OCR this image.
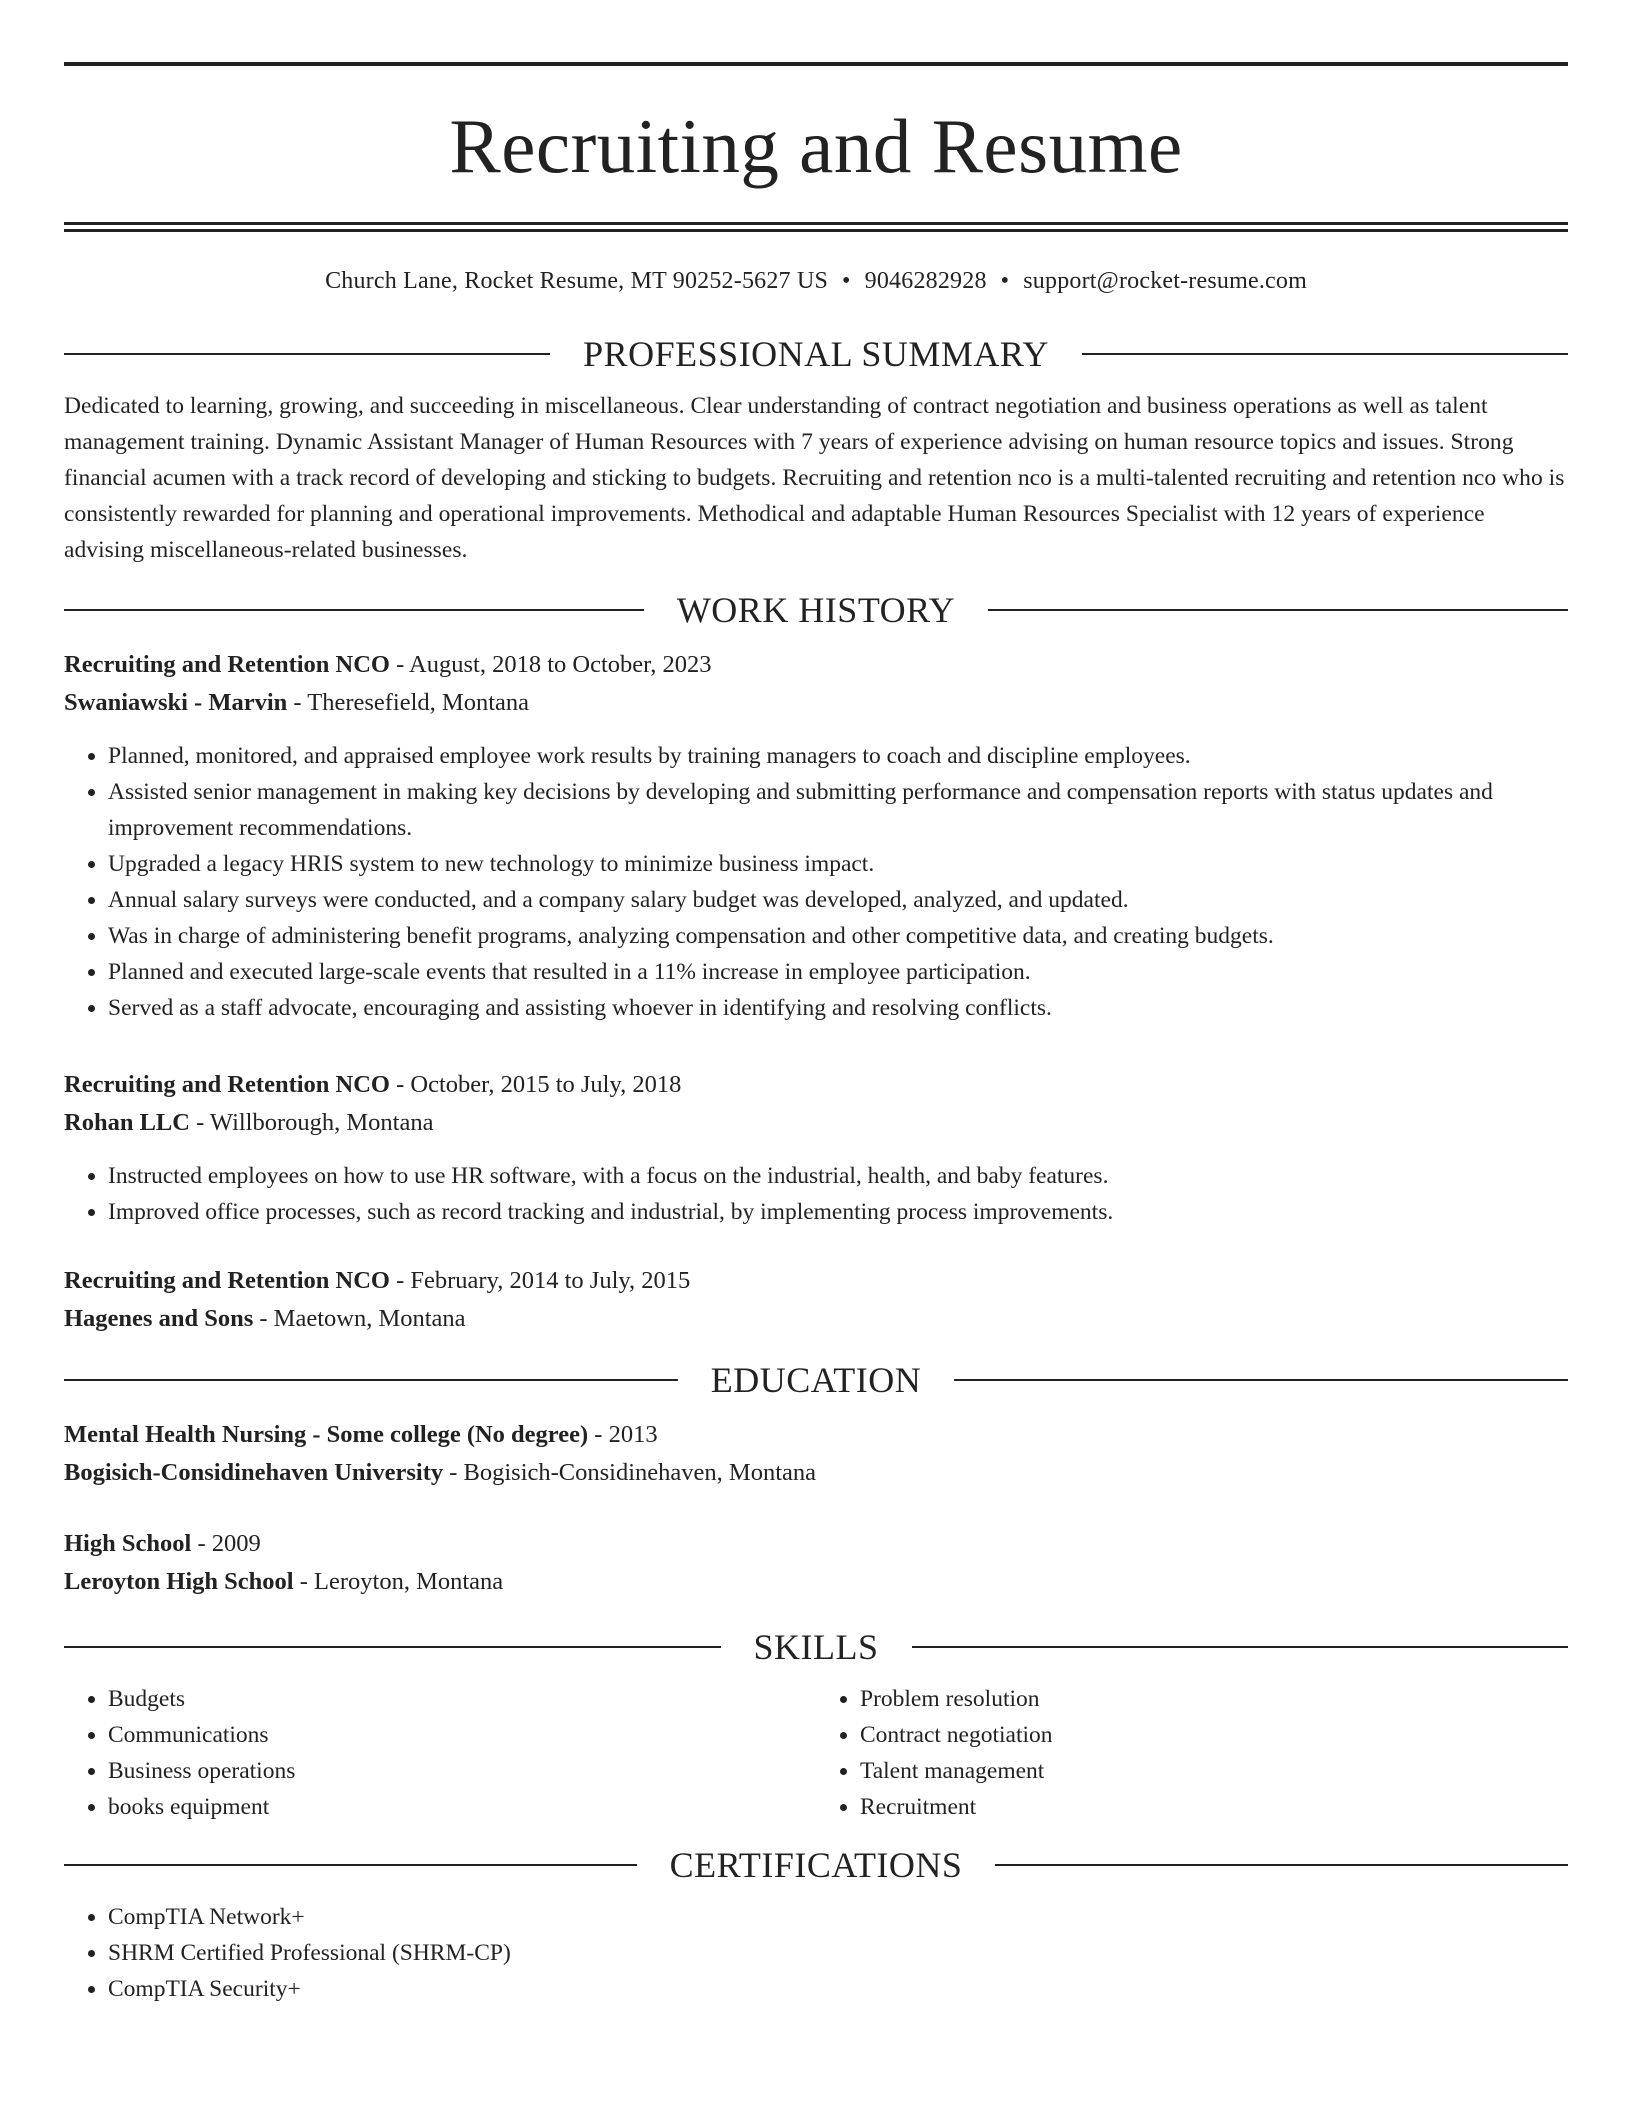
Recruiting and Resume
Church Lane, Rocket Resume, MT 90252-5627 US • 9046282928 • support@rocket-resume.com
PROFESSIONAL SUMMARY
Dedicated to learning, growing, and succeeding in miscellaneous. Clear understanding of contract negotiation and business operations as well as talent management training. Dynamic Assistant Manager of Human Resources with 7 years of experience advising on human resource topics and issues. Strong financial acumen with a track record of developing and sticking to budgets. Recruiting and retention nco is a multi-talented recruiting and retention nco who is consistently rewarded for planning and operational improvements. Methodical and adaptable Human Resources Specialist with 12 years of experience advising miscellaneous-related businesses.
WORK HISTORY
Recruiting and Retention NCO - August, 2018 to October, 2023
Swaniawski - Marvin - Theresefield, Montana
• Planned, monitored, and appraised employee work results by training managers to coach and discipline employees.
• Assisted senior management in making key decisions by developing and submitting performance and compensation reports with status updates and improvement recommendations.
• Upgraded a legacy HRIS system to new technology to minimize business impact.
• Annual salary surveys were conducted, and a company salary budget was developed, analyzed, and updated.
• Was in charge of administering benefit programs, analyzing compensation and other competitive data, and creating budgets.
• Planned and executed large-scale events that resulted in a 11% increase in employee participation.
• Served as a staff advocate, encouraging and assisting whoever in identifying and resolving conflicts.
Recruiting and Retention NCO - October, 2015 to July, 2018
Rohan LLC - Willborough, Montana
• Instructed employees on how to use HR software, with a focus on the industrial, health, and baby features.
• Improved office processes, such as record tracking and industrial, by implementing process improvements.
Recruiting and Retention NCO - February, 2014 to July, 2015
Hagenes and Sons - Maetown, Montana
EDUCATION
Mental Health Nursing - Some college (No degree) - 2013
Bogisich-Considinehaven University - Bogisich-Considinehaven, Montana
High School - 2009
Leroyton High School - Leroyton, Montana
SKILLS
• Budgets
• Communications
• Business operations
• books equipment
• Problem resolution
• Contract negotiation
• Talent management
• Recruitment
CERTIFICATIONS
• CompTIA Network+
• SHRM Certified Professional (SHRM-CP)
• CompTIA Security+
